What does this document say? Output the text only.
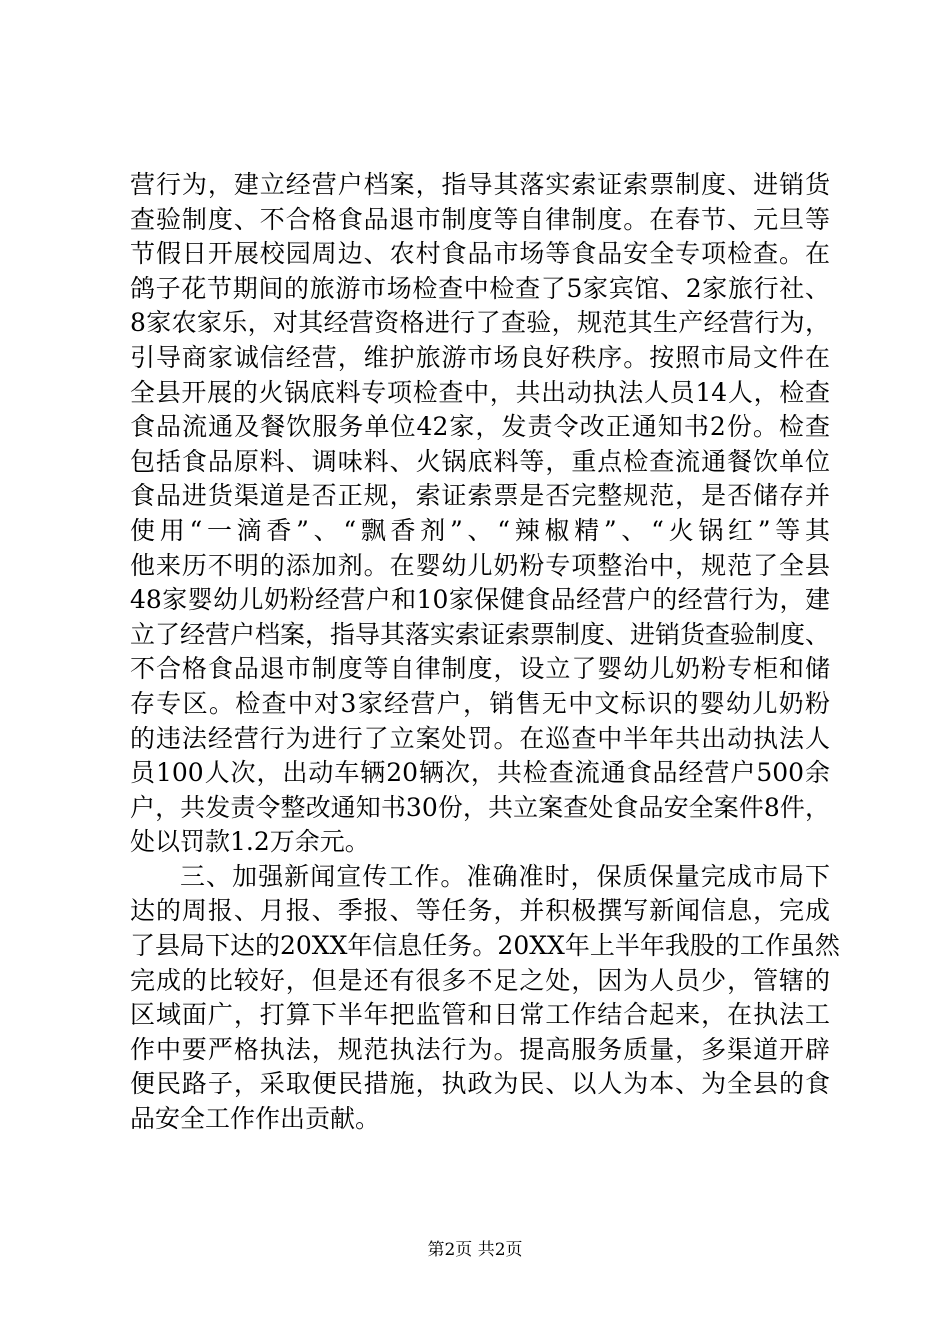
营行为，建立经营户档案，指导其落实索证索票制度、进销货
查验制度、不合格食品退市制度等自律制度。在春节、元旦等
节假日开展校园周边、农村食品市场等食品安全专项检查。在
鸽子花节期间的旅游市场检查中检查了5家宾馆、2家旅行社、
8家农家乐，对其经营资格进行了查验，规范其生产经营行为，
引导商家诚信经营，维护旅游市场良好秩序。按照市局文件在
全县开展的火锅底料专项检查中，共出动执法人员14人，检查
食品流通及餐饮服务单位42家，发责令改正通知书2份。检查
包括食品原料、调味料、火锅底料等，重点检查流通餐饮单位
食品进货渠道是否正规，索证索票是否完整规范，是否储存并
使用“一滴香”、“飘香剂”、“辣椒精”、“火锅红”等其
他来历不明的添加剂。在婴幼儿奶粉专项整治中，规范了全县
48家婴幼儿奶粉经营户和10家保健食品经营户的经营行为，建
立了经营户档案，指导其落实索证索票制度、进销货查验制度、
不合格食品退市制度等自律制度，设立了婴幼儿奶粉专柜和储
存专区。检查中对3家经营户，销售无中文标识的婴幼儿奶粉
的违法经营行为进行了立案处罚。在巡查中半年共出动执法人
员100人次，出动车辆20辆次，共检查流通食品经营户500余
户，共发责令整改通知书30份，共立案查处食品安全案件8件，
处以罚款1.2万余元。
三、加强新闻宣传工作。准确准时，保质保量完成市局下
达的周报、月报、季报、等任务，并积极撰写新闻信息，完成
了县局下达的20XX年信息任务。20XX年上半年我股的工作虽然
完成的比较好，但是还有很多不足之处，因为人员少，管辖的
区域面广，打算下半年把监管和日常工作结合起来，在执法工
作中要严格执法，规范执法行为。提高服务质量，多渠道开辟
便民路子，采取便民措施，执政为民、以人为本、为全县的食
品安全工作作出贡献。
第2页 共2页
